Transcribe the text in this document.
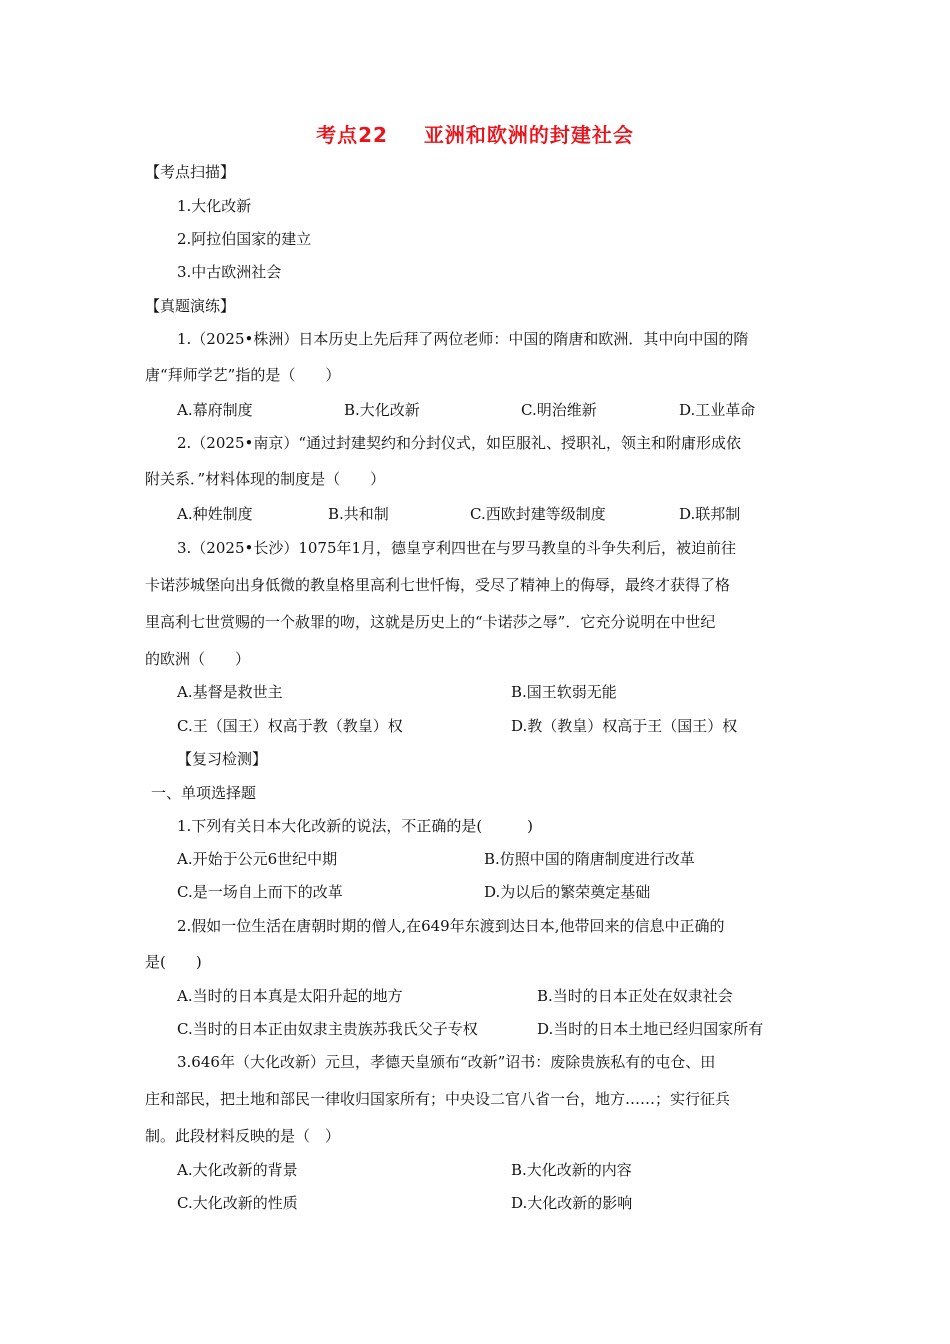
考点22 亚洲和欧洲的封建社会
【考点扫描】
1.大化改新
2.阿拉伯国家的建立
3.中古欧洲社会
【真题演练】
1.（2025•株洲）日本历史上先后拜了两位老师：中国的隋唐和欧洲．其中向中国的隋
唐“拜师学艺”指的是（　　）
A.幕府制度	B.大化改新	C.明治维新	D.工业革命
2.（2025•南京）“通过封建契约和分封仪式，如臣服礼、授职礼，领主和附庸形成依
附关系．”材料体现的制度是（　　）
A.种姓制度	B.共和制	C.西欧封建等级制度	D.联邦制
3.（2025•长沙）1075年1月，德皇亨利四世在与罗马教皇的斗争失利后，被迫前往
卡诺莎城堡向出身低微的教皇格里高利七世忏悔，受尽了精神上的侮辱，最终才获得了格
里高利七世赏赐的一个赦罪的吻，这就是历史上的“卡诺莎之辱”．它充分说明在中世纪
的欧洲（　　）
A.基督是救世主	B.国王软弱无能
C.王（国王）权高于教（教皇）权	D.教（教皇）权高于王（国王）权
【复习检测】
一、单项选择题
1.下列有关日本大化改新的说法，不正确的是(　　　)
A.开始于公元6世纪中期	B.仿照中国的隋唐制度进行改革
C.是一场自上而下的改革	D.为以后的繁荣奠定基础
2.假如一位生活在唐朝时期的僧人,在649年东渡到达日本,他带回来的信息中正确的
是(　　)
A.当时的日本真是太阳升起的地方	B.当时的日本正处在奴隶社会
C.当时的日本正由奴隶主贵族苏我氏父子专权	D.当时的日本土地已经归国家所有
3.646年（大化改新）元旦，孝德天皇颁布“改新”诏书：废除贵族私有的屯仓、田
庄和部民，把土地和部民一律收归国家所有；中央设二官八省一台，地方……；实行征兵
制。此段材料反映的是（　）
A.大化改新的背景	B.大化改新的内容
C.大化改新的性质	D.大化改新的影响
